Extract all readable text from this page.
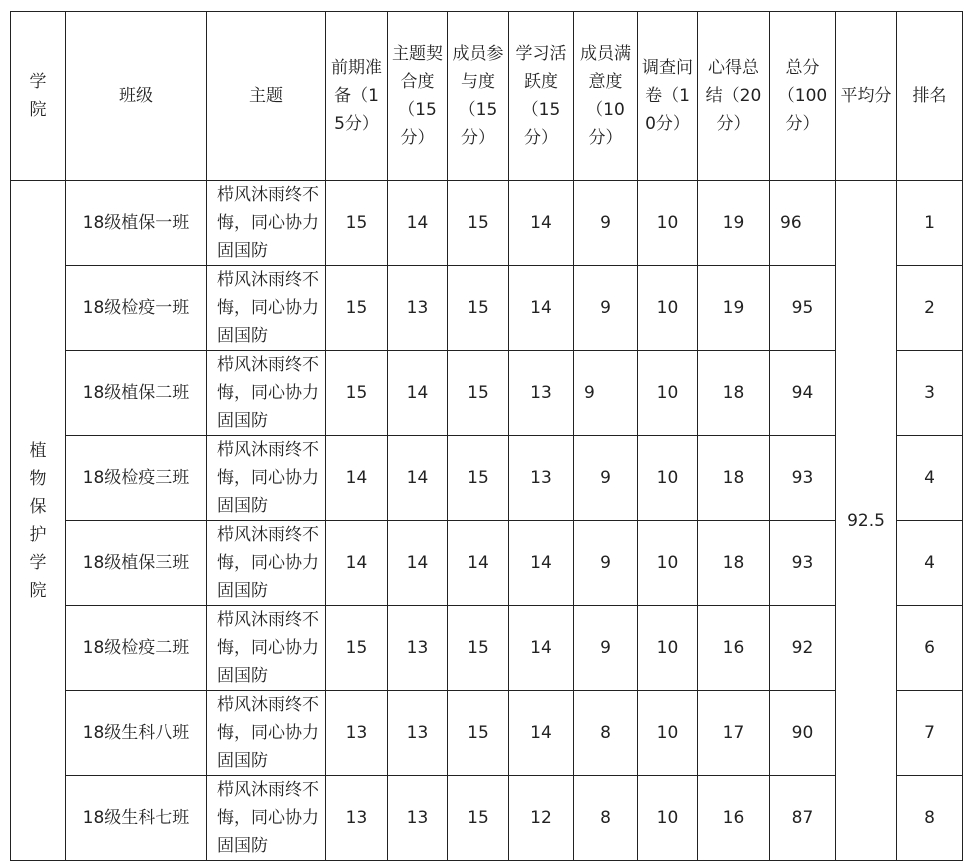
学院	班级	主题	前期准备（15分）	主题契合度（15分）	成员参与度（15分）	学习活跃度（15分）	成员满意度（10分）	调查问卷（10分）	心得总结（20分）	总分（100分）	平均分	排名
植物保护学院	18级植保一班	栉风沐雨终不悔，同心协力固国防	15	14	15	14	9	10	19	96	92.5	1
	18级检疫一班	栉风沐雨终不悔，同心协力固国防	15	13	15	14	9	10	19	95		2
	18级植保二班	栉风沐雨终不悔，同心协力固国防	15	14	15	13	9	10	18	94		3
	18级检疫三班	栉风沐雨终不悔，同心协力固国防	14	14	15	13	9	10	18	93		4
	18级植保三班	栉风沐雨终不悔，同心协力固国防	14	14	14	14	9	10	18	93		4
	18级检疫二班	栉风沐雨终不悔，同心协力固国防	15	13	15	14	9	10	16	92		6
	18级生科八班	栉风沐雨终不悔，同心协力固国防	13	13	15	14	8	10	17	90		7
	18级生科七班	栉风沐雨终不悔，同心协力固国防	13	13	15	12	8	10	16	87		8
